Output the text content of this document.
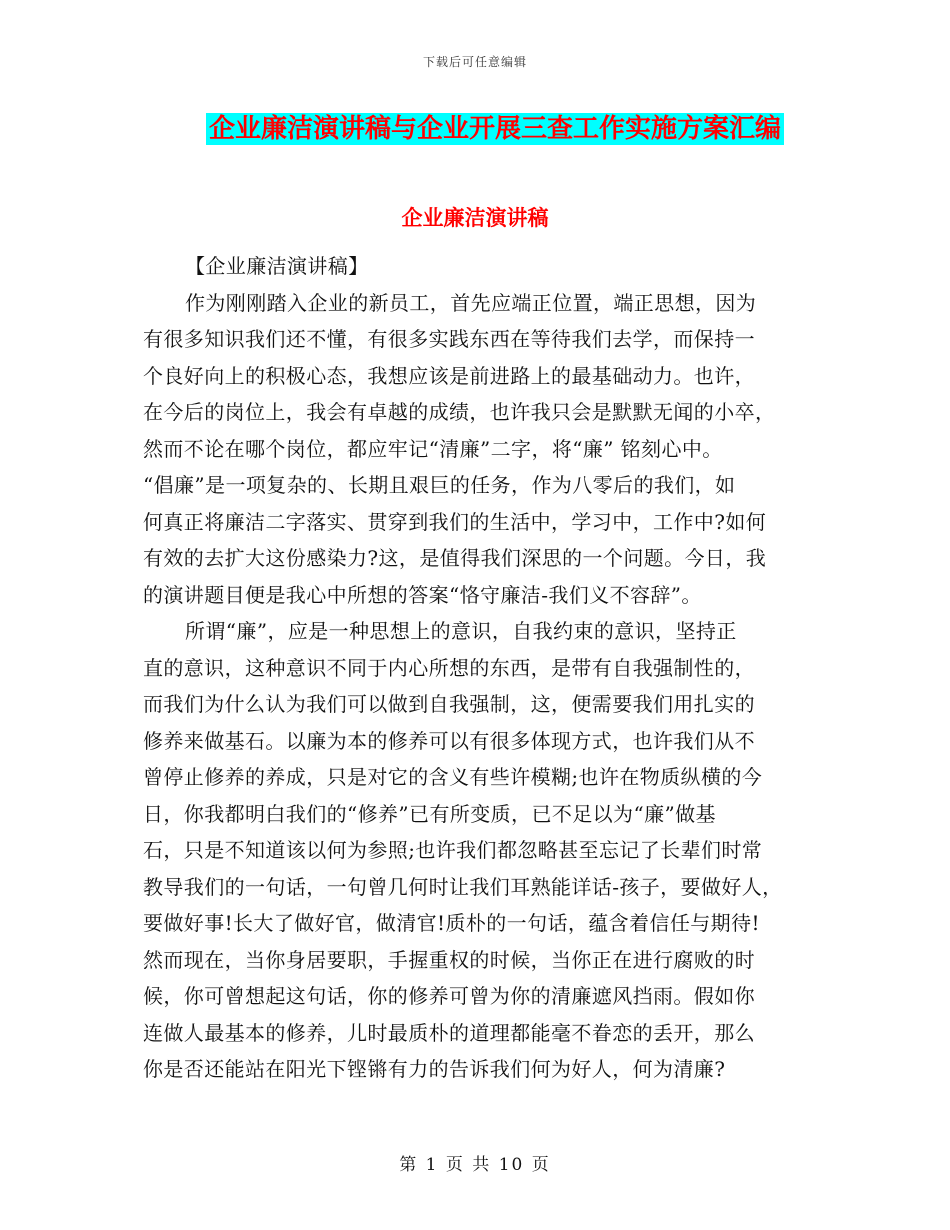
下载后可任意编辑
企业廉洁演讲稿与企业开展三查工作实施方案汇编
企业廉洁演讲稿
【企业廉洁演讲稿】
作为刚刚踏入企业的新员工，首先应端正位置，端正思想，因为
有很多知识我们还不懂，有很多实践东西在等待我们去学，而保持一
个良好向上的积极心态，我想应该是前进路上的最基础动力。也许，
在今后的岗位上，我会有卓越的成绩，也许我只会是默默无闻的小卒，
然而不论在哪个岗位，都应牢记“清廉”二字，将“廉” 铭刻心中。
“倡廉”是一项复杂的、长期且艰巨的任务，作为八零后的我们，如
何真正将廉洁二字落实、贯穿到我们的生活中，学习中，工作中?如何
有效的去扩大这份感染力?这，是值得我们深思的一个问题。今日，我
的演讲题目便是我心中所想的答案“恪守廉洁-我们义不容辞”。
所谓“廉”，应是一种思想上的意识，自我约束的意识，坚持正
直的意识，这种意识不同于内心所想的东西，是带有自我强制性的，
而我们为什么认为我们可以做到自我强制，这，便需要我们用扎实的
修养来做基石。以廉为本的修养可以有很多体现方式，也许我们从不
曾停止修养的养成，只是对它的含义有些许模糊;也许在物质纵横的今
日，你我都明白我们的“修养”已有所变质，已不足以为“廉”做基
石，只是不知道该以何为参照;也许我们都忽略甚至忘记了长辈们时常
教导我们的一句话，一句曾几何时让我们耳熟能详话-孩子，要做好人，
要做好事!长大了做好官，做清官!质朴的一句话，蕴含着信任与期待!
然而现在，当你身居要职，手握重权的时候，当你正在进行腐败的时
候，你可曾想起这句话，你的修养可曾为你的清廉遮风挡雨。假如你
连做人最基本的修养，儿时最质朴的道理都能毫不眷恋的丢开，那么
你是否还能站在阳光下铿锵有力的告诉我们何为好人，何为清廉?
第 1 页 共 10 页
